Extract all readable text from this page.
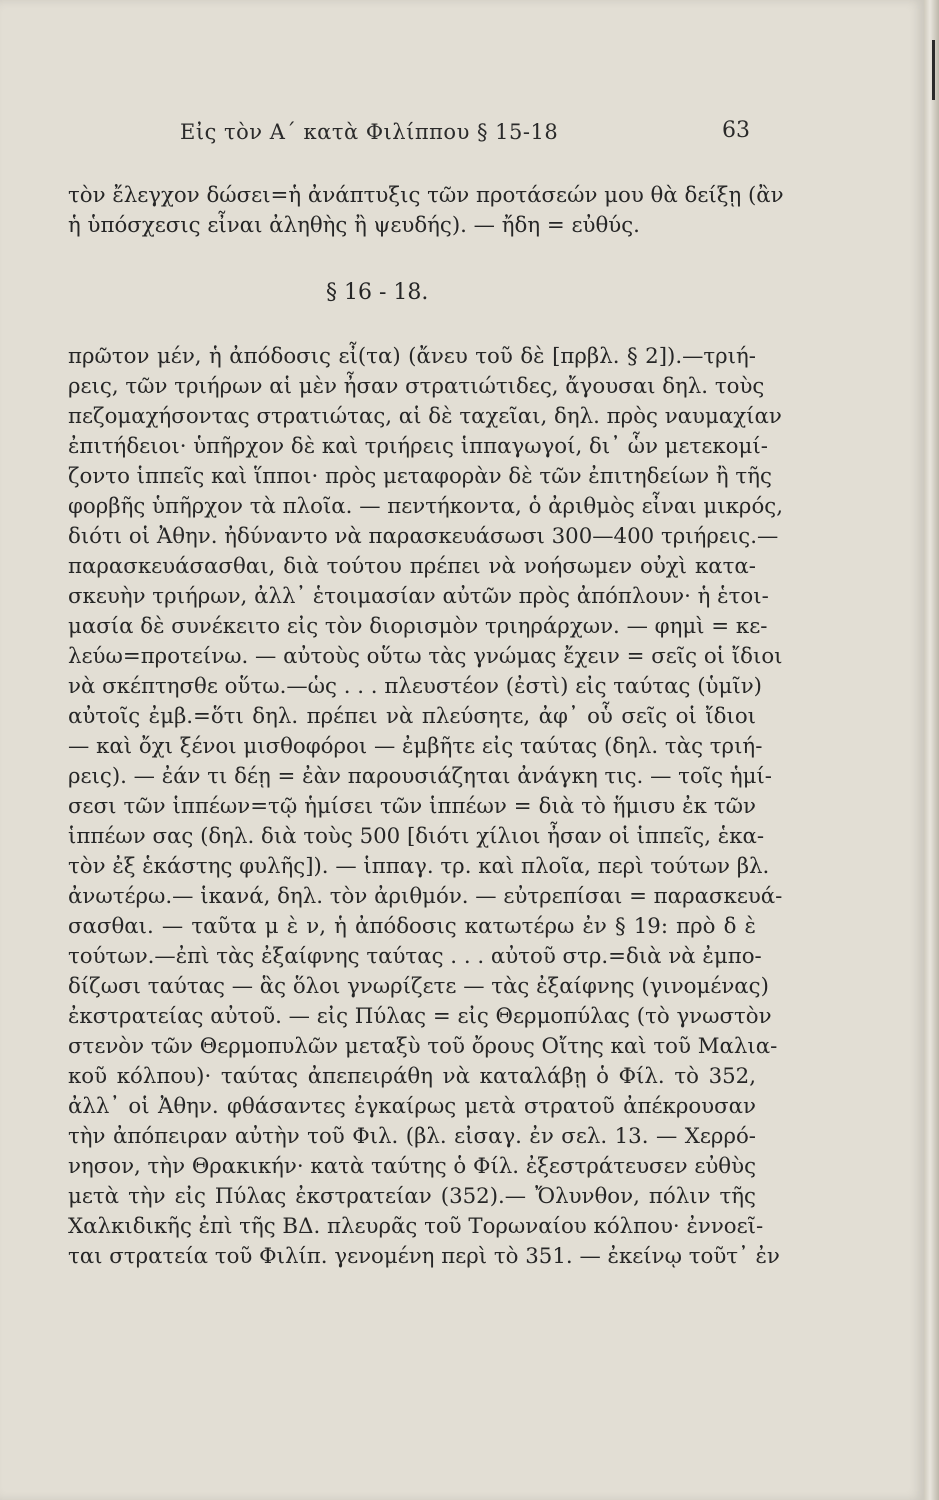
Εἰς τὸν Α΄ κατὰ Φιλίππου § 15-18	63
τὸν ἔλεγχον δώσει=ἡ ἀνάπτυξις τῶν προτάσεών μου θὰ δείξῃ (ἂν
ἡ ὑπόσχεσις εἶναι ἀληθὴς ἢ ψευδής). — ἤδη = εὐθύς.
§ 16 - 18.
πρῶτον μέν, ἡ ἀπόδοσις εἶ(τα) (ἄνευ τοῦ δὲ [πρβλ. § 2]).—τριή-
ρεις, τῶν τριήρων αἱ μὲν ἦσαν στρατιώτιδες, ἄγουσαι δηλ. τοὺς
πεζομαχήσοντας στρατιώτας, αἱ δὲ ταχεῖαι, δηλ. πρὸς ναυμαχίαν
ἐπιτήδειοι· ὑπῆρχον δὲ καὶ τριήρεις ἱππαγωγοί, δι᾽ ὧν μετεκομί-
ζοντο ἱππεῖς καὶ ἵπποι· πρὸς μεταφορὰν δὲ τῶν ἐπιτηδείων ἢ τῆς
φορβῆς ὑπῆρχον τὰ πλοῖα. — πεντήκοντα, ὁ ἀριθμὸς εἶναι μικρός,
διότι οἱ Ἀθην. ἠδύναντο νὰ παρασκευάσωσι 300—400 τριήρεις.—
παρασκευάσασθαι, διὰ τούτου πρέπει νὰ νοήσωμεν οὐχὶ κατα-
σκευὴν τριήρων, ἀλλ᾽ ἑτοιμασίαν αὐτῶν πρὸς ἀπόπλουν· ἡ ἑτοι-
μασία δὲ συνέκειτο εἰς τὸν διορισμὸν τριηράρχων. — φημὶ = κε-
λεύω=προτείνω. — αὐτοὺς οὕτω τὰς γνώμας ἔχειν = σεῖς οἱ ἴδιοι
νὰ σκέπτησθε οὕτω.—ὡς . . . πλευστέον (ἐστὶ) εἰς ταύτας (ὑμῖν)
αὐτοῖς ἐμβ.=ὅτι δηλ. πρέπει νὰ πλεύσητε, ἀφ᾽ οὗ σεῖς οἱ ἴδιοι
— καὶ ὄχι ξένοι μισθοφόροι — ἐμβῆτε εἰς ταύτας (δηλ. τὰς τριή-
ρεις). — ἐάν τι δέῃ = ἐὰν παρουσιάζηται ἀνάγκη τις. — τοῖς ἡμί-
σεσι τῶν ἱππέων=τῷ ἡμίσει τῶν ἱππέων = διὰ τὸ ἥμισυ ἐκ τῶν
ἱππέων σας (δηλ. διὰ τοὺς 500 [διότι χίλιοι ἦσαν οἱ ἱππεῖς, ἑκα-
τὸν ἐξ ἑκάστης φυλῆς]). — ἱππαγ. τρ. καὶ πλοῖα, περὶ τούτων βλ.
ἀνωτέρω.— ἱκανά, δηλ. τὸν ἀριθμόν. — εὐτρεπίσαι = παρασκευά-
σασθαι. — ταῦτα μ ὲ ν, ἡ ἀπόδοσις κατωτέρω ἐν § 19: πρὸ δ ὲ
τούτων.—ἐπὶ τὰς ἐξαίφνης ταύτας . . . αὐτοῦ στρ.=διὰ νὰ ἐμπο-
δίζωσι ταύτας — ἃς ὅλοι γνωρίζετε — τὰς ἐξαίφνης (γινομένας)
ἐκστρατείας αὐτοῦ. — εἰς Πύλας = εἰς Θερμοπύλας (τὸ γνωστὸν
στενὸν τῶν Θερμοπυλῶν μεταξὺ τοῦ ὄρους Οἴτης καὶ τοῦ Μαλια-
κοῦ κόλπου)· ταύτας ἀπεπειράθη νὰ καταλάβῃ ὁ Φίλ. τὸ 352,
ἀλλ᾽ οἱ Ἀθην. φθάσαντες ἐγκαίρως μετὰ στρατοῦ ἀπέκρουσαν
τὴν ἀπόπειραν αὐτὴν τοῦ Φιλ. (βλ. εἰσαγ. ἐν σελ. 13. — Χερρό-
νησον, τὴν Θρακικήν· κατὰ ταύτης ὁ Φίλ. ἐξεστράτευσεν εὐθὺς
μετὰ τὴν εἰς Πύλας ἐκστρατείαν (352).— Ὄλυνθον, πόλιν τῆς
Χαλκιδικῆς ἐπὶ τῆς ΒΔ. πλευρᾶς τοῦ Τορωναίου κόλπου· ἐννοεῖ-
ται στρατεία τοῦ Φιλίπ. γενομένη περὶ τὸ 351. — ἐκείνῳ τοῦτ᾽ ἐν
